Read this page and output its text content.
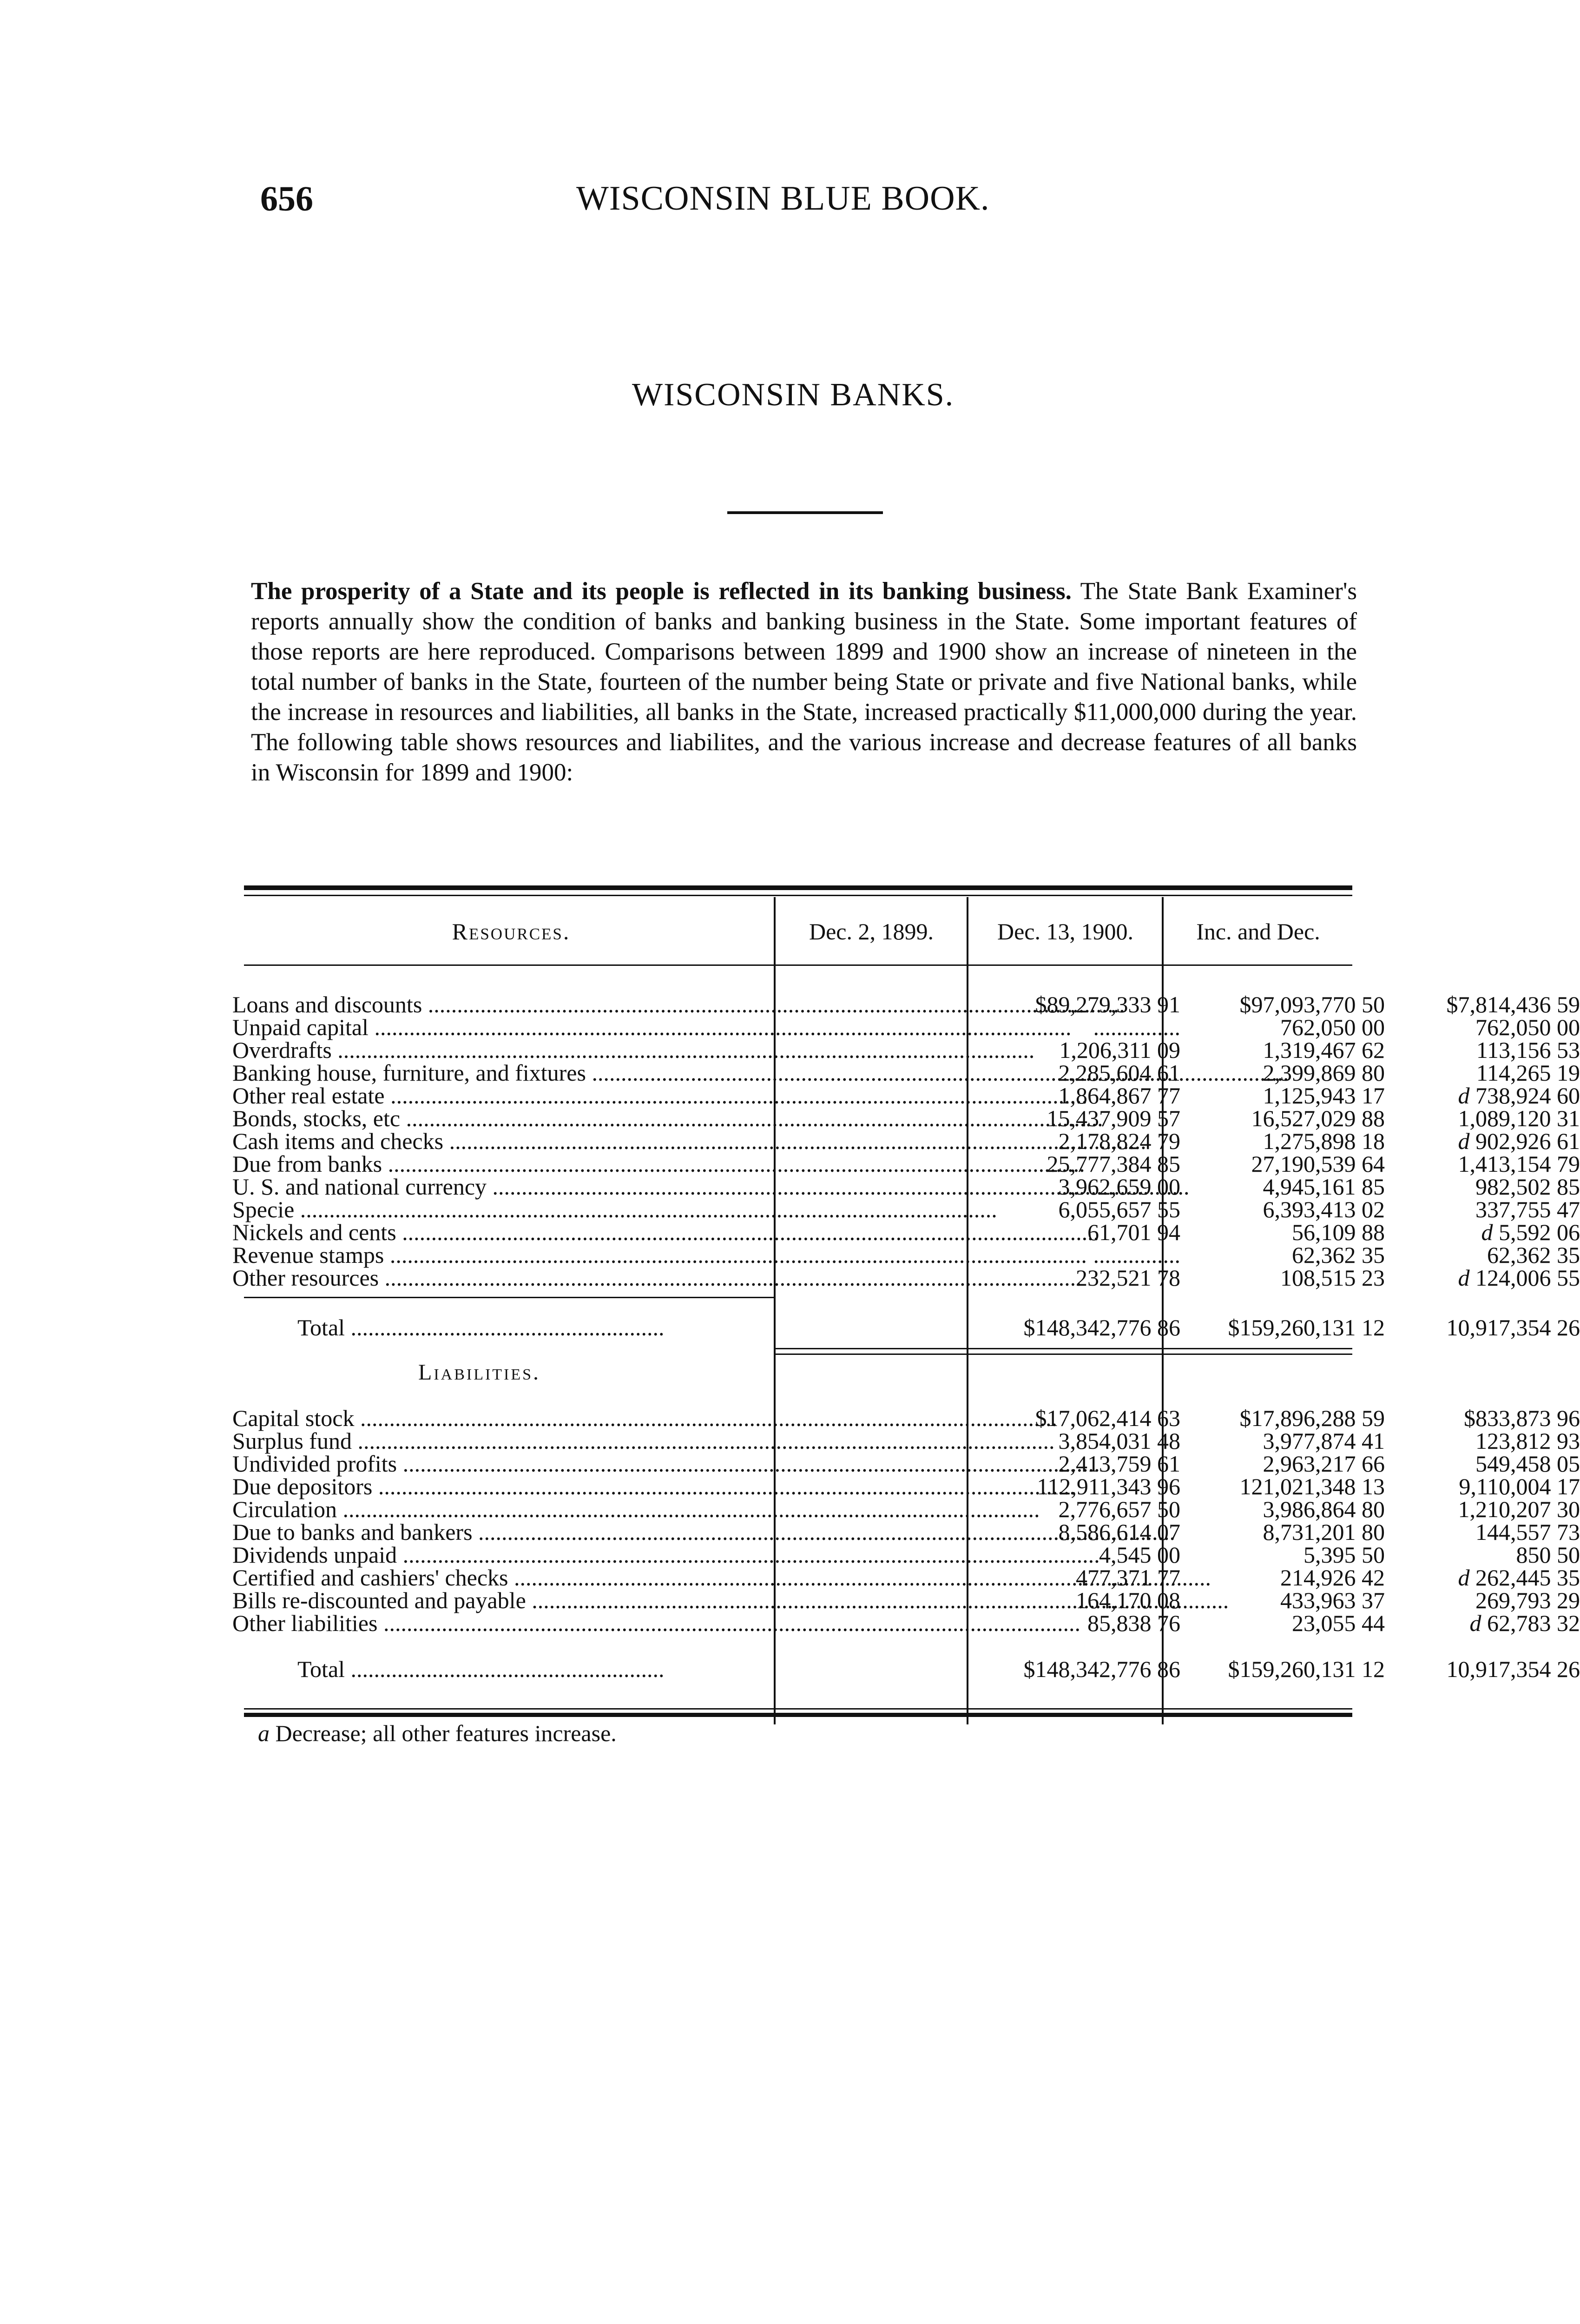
656	WISCONSIN BLUE BOOK.
WISCONSIN BANKS.
The prosperity of a State and its people is reflected in its banking business. The State Bank Examiner's reports annually show the condition of banks and banking business in the State. Some important features of those reports are here reproduced. Comparisons between 1899 and 1900 show an increase of nineteen in the total number of banks in the State, fourteen of the number being State or private and five National banks, while the increase in resources and liabilities, all banks in the State, increased practically $11,000,000 during the year. The following table shows resources and liabilites, and the various increase and decrease features of all banks in Wisconsin for 1899 and 1900:
Resources.	Dec. 2, 1899.	Dec. 13, 1900.	Inc. and Dec.
Loans and discounts .....	$89,279,333 91	$97,093,770 50	$7,814,436 59
Unpaid capital .....	...............	762,050 00	762,050 00
Overdrafts .....	1,206,311 09	1,319,467 62	113,156 53
Banking house, furniture, and fixtures .....	2,285,604 61	2,399,869 80	114,265 19
Other real estate .....	1,864,867 77	1,125,943 17	d 738,924 60
Bonds, stocks, etc .....	15,437,909 57	16,527,029 88	1,089,120 31
Cash items and checks .....	2,178,824 79	1,275,898 18	d 902,926 61
Due from banks .....	25,777,384 85	27,190,539 64	1,413,154 79
U. S. and national currency .....	3,962,659 00	4,945,161 85	982,502 85
Specie .....	6,055,657 55	6,393,413 02	337,755 47
Nickels and cents .....	61,701 94	56,109 88	d 5,592 06
Revenue stamps .....	...............	62,362 35	62,362 35
Other resources .....	232,521 78	108,515 23	d 124,006 55
Total .....	$148,342,776 86	$159,260,131 12	10,917,354 26
Liabilities.
Capital stock .....	$17,062,414 63	$17,896,288 59	$833,873 96
Surplus fund .....	3,854,031 48	3,977,874 41	123,812 93
Undivided profits .....	2,413,759 61	2,963,217 66	549,458 05
Due depositors .....	112,911,343 96	121,021,348 13	9,110,004 17
Circulation .....	2,776,657 50	3,986,864 80	1,210,207 30
Due to banks and bankers .....	8,586,614 07	8,731,201 80	144,557 73
Dividends unpaid .....	4,545 00	5,395 50	850 50
Certified and cashiers' checks .....	477,371 77	214,926 42	d 262,445 35
Bills re-discounted and payable .....	164,170 08	433,963 37	269,793 29
Other liabilities .....	85,838 76	23,055 44	d 62,783 32
Total .....	$148,342,776 86	$159,260,131 12	10,917,354 26
a Decrease; all other features increase.
